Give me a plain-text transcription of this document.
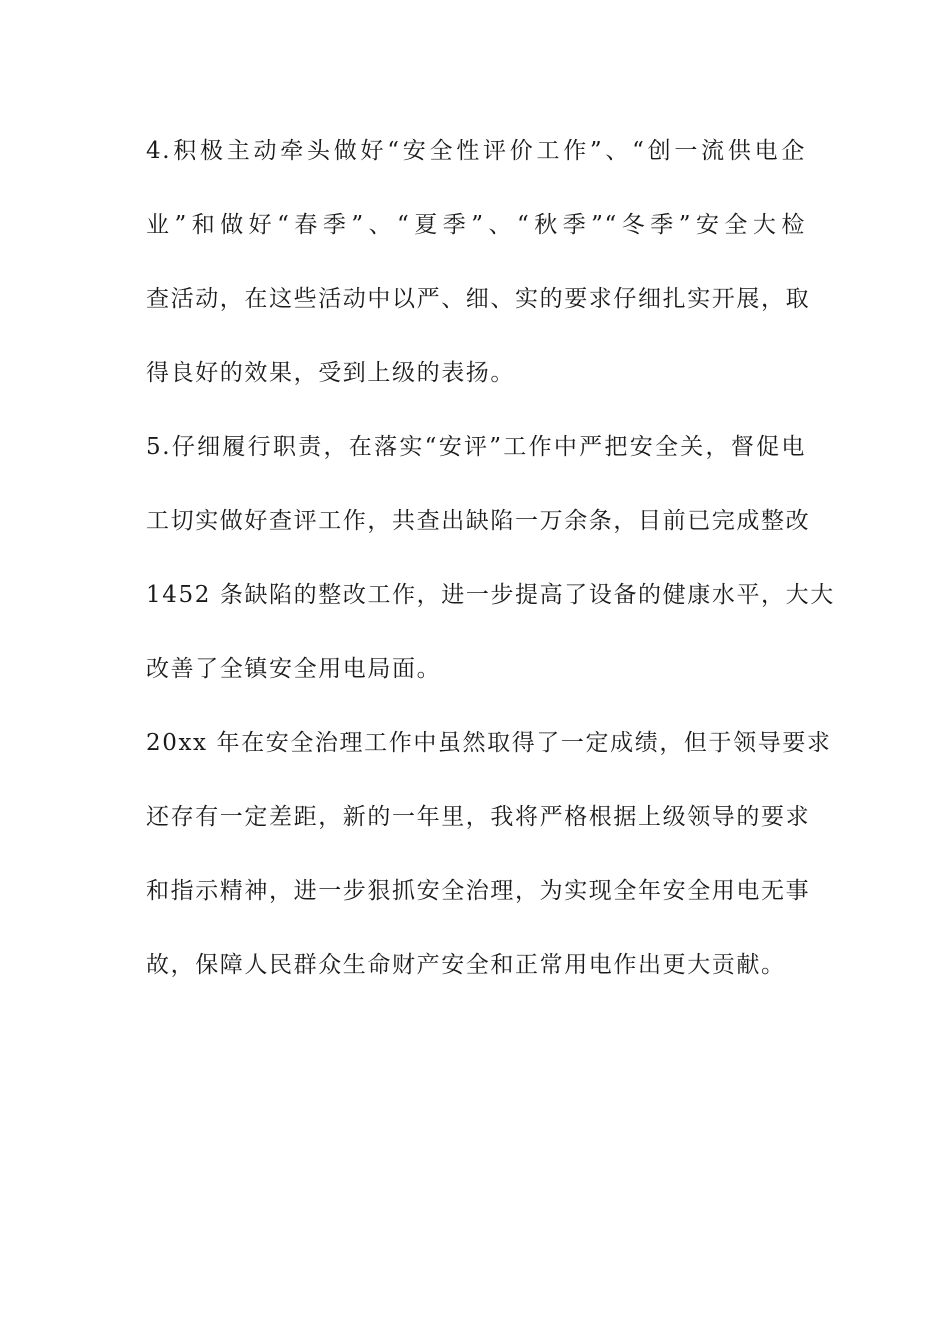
4.积极主动牵头做好“安全性评价工作”、“创一流供电企
业”和做好“春季”、“夏季”、“秋季”“冬季”安全大检
查活动，在这些活动中以严、细、实的要求仔细扎实开展，取
得良好的效果，受到上级的表扬。
5.仔细履行职责，在落实“安评”工作中严把安全关，督促电
工切实做好查评工作，共查出缺陷一万余条，目前已完成整改
1452 条缺陷的整改工作，进一步提高了设备的健康水平，大大
改善了全镇安全用电局面。
20xx 年在安全治理工作中虽然取得了一定成绩，但于领导要求
还存有一定差距，新的一年里，我将严格根据上级领导的要求
和指示精神，进一步狠抓安全治理，为实现全年安全用电无事
故，保障人民群众生命财产安全和正常用电作出更大贡献。
